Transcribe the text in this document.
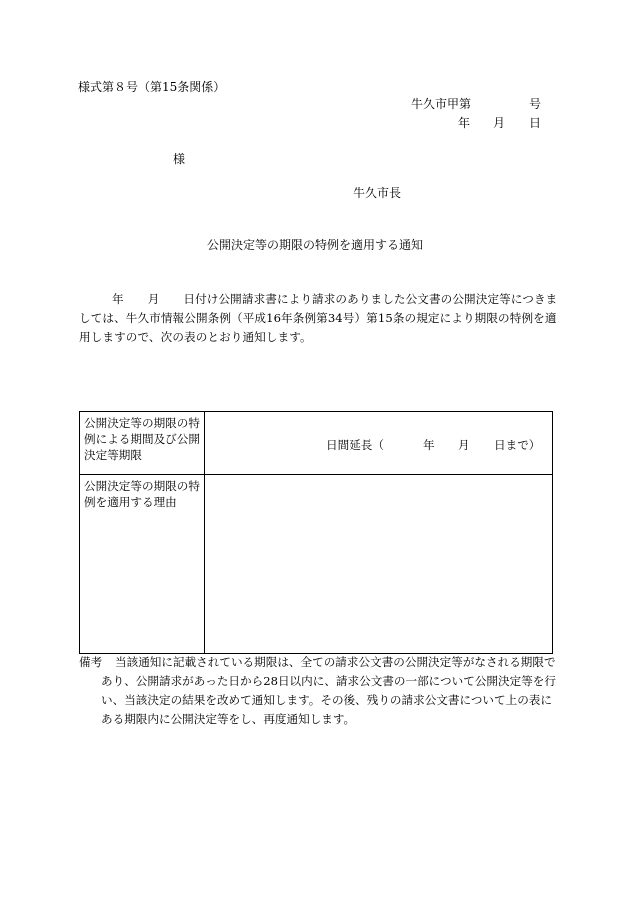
様式第８号（第15条関係）
牛久市甲第	号
年 月 日
様
牛久市長
公開決定等の期限の特例を適用する通知
年 月 日付け公開請求書により請求のありました公文書の公開決定等につきましては、牛久市情報公開条例（平成16年条例第34号）第15条の規定により期限の特例を適用しますので、次の表のとおり通知します。
公開決定等の期限の特例による期間及び公開決定等期限	日間延長（ 年 月 日まで）

公開決定等の期限の特例を適用する理由	
備考	当該通知に記載されている期限は、全ての請求公文書の公開決定等がなされる期限であり、公開請求があった日から28日以内に、請求公文書の一部について公開決定等を行い、当該決定の結果を改めて通知します。その後、残りの請求公文書について上の表にある期限内に公開決定等をし、再度通知します。
